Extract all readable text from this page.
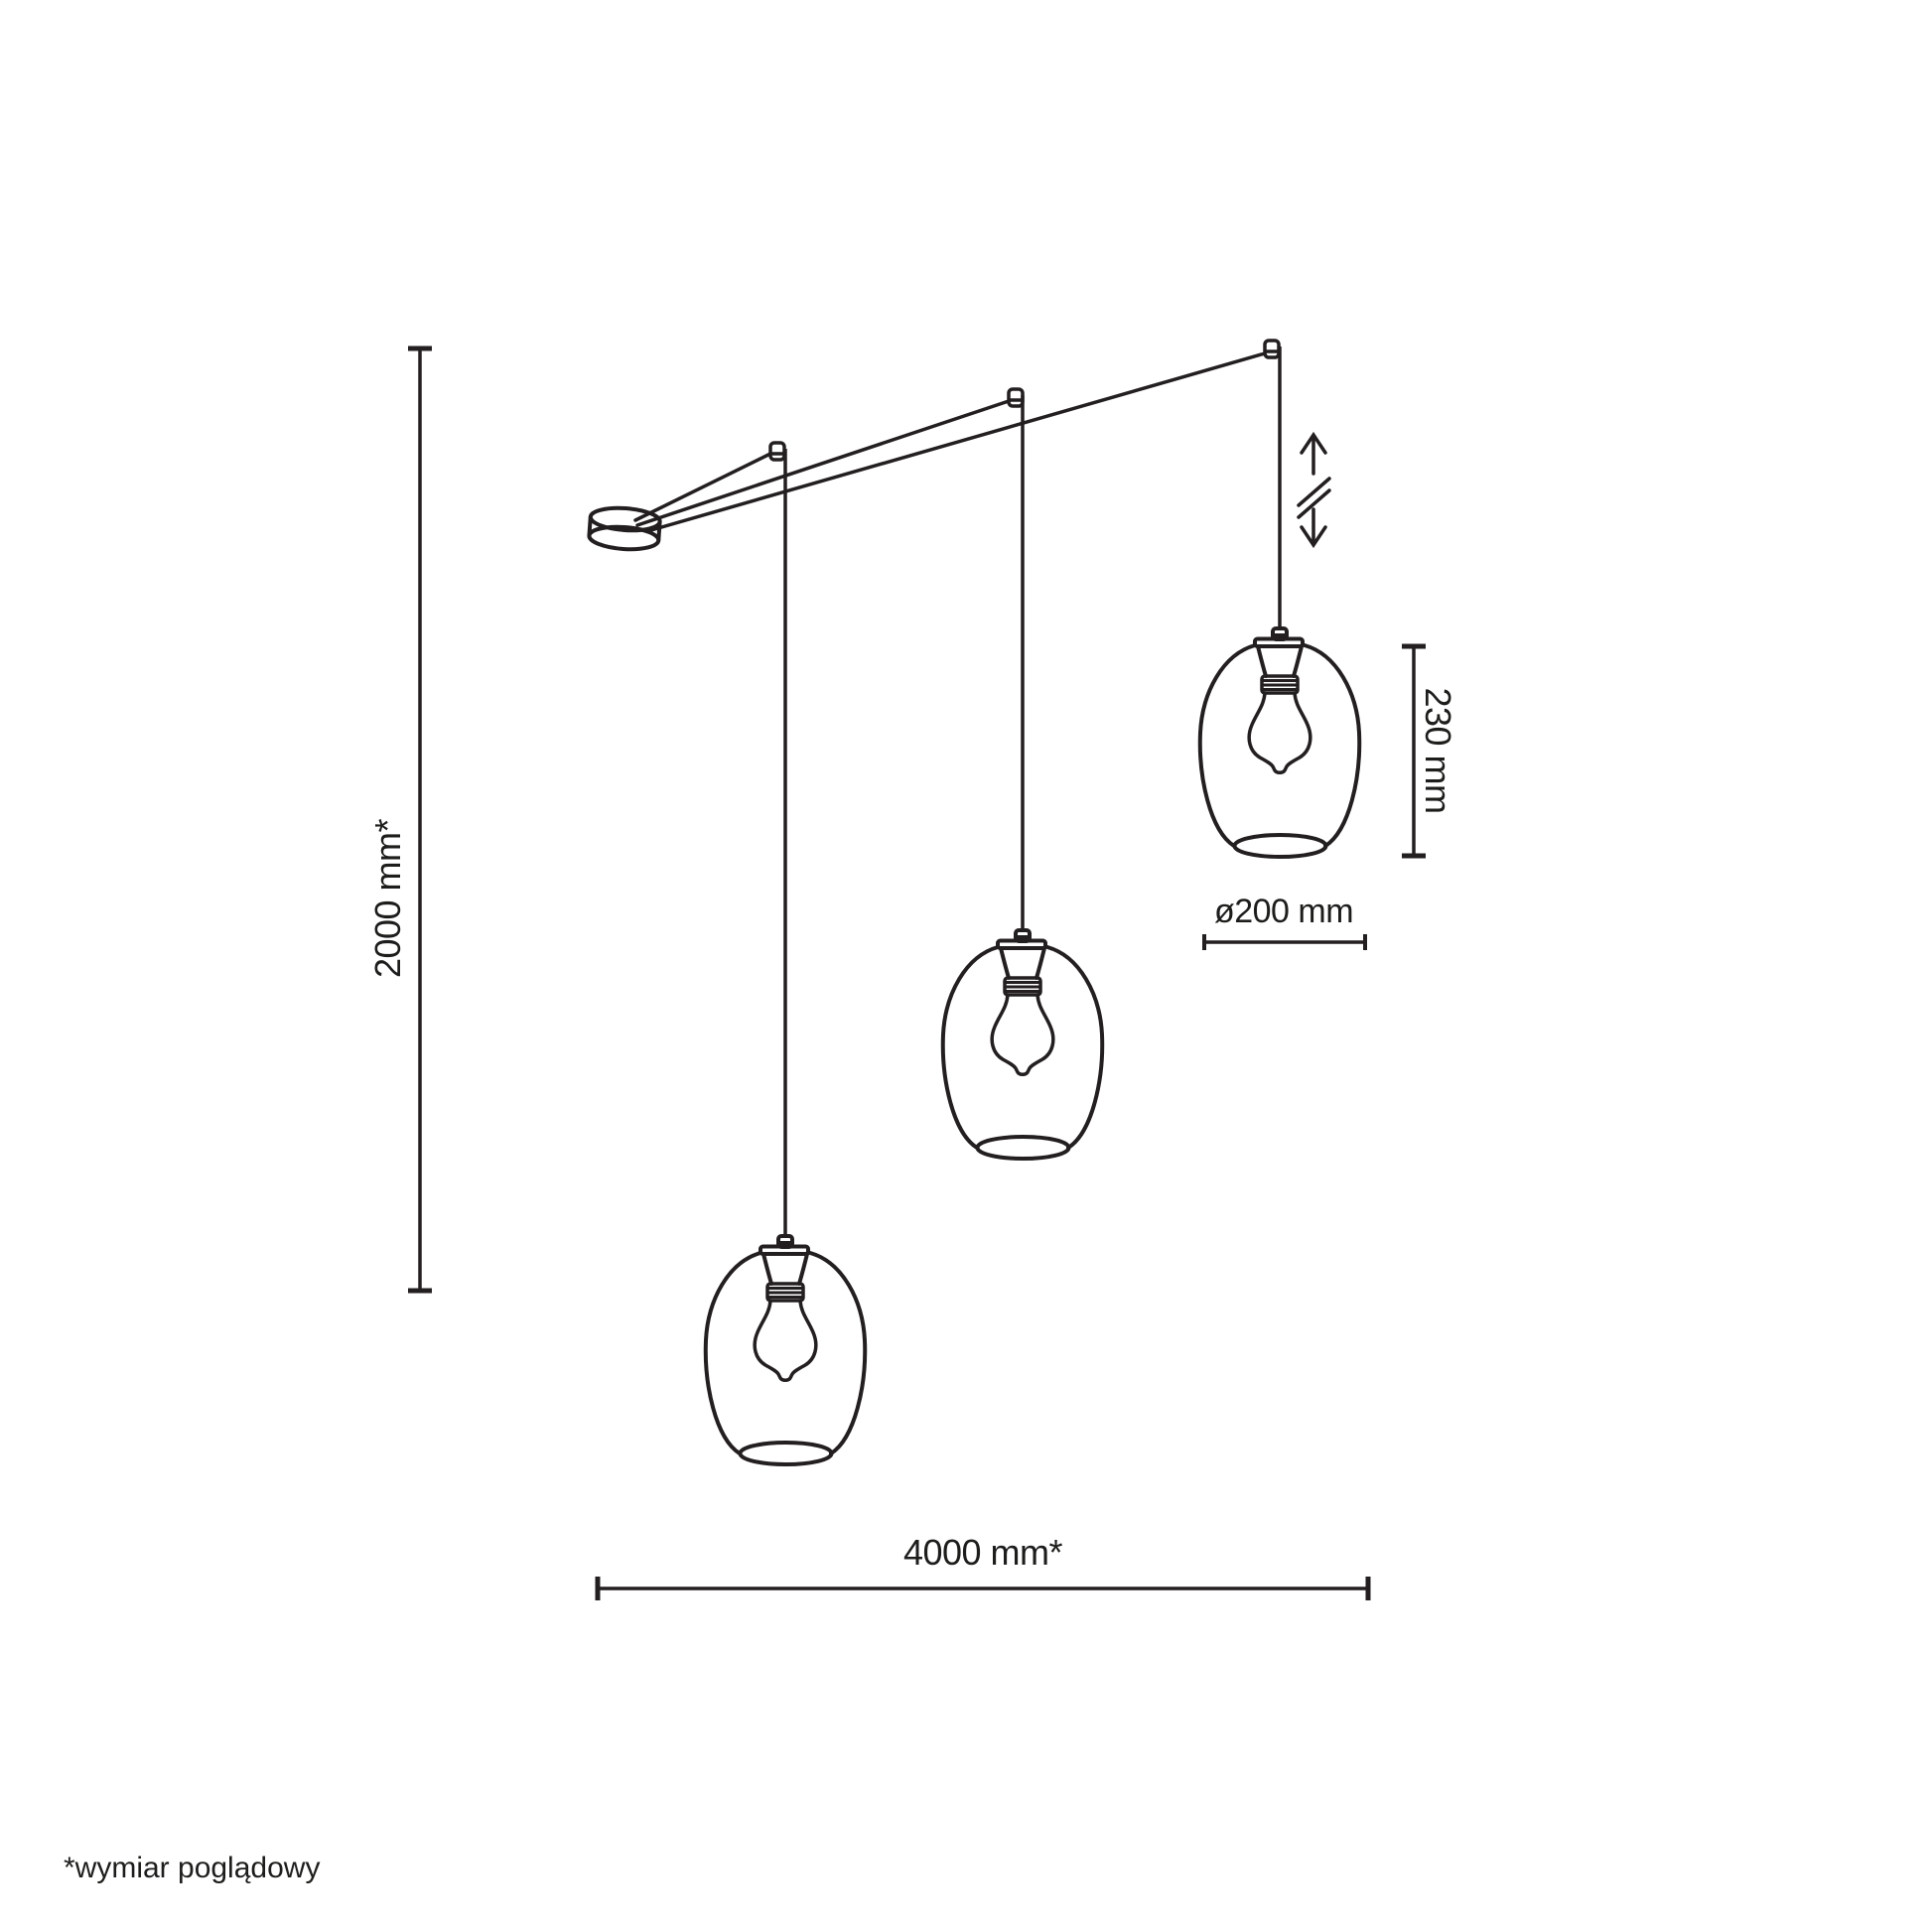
2000 mm*
4000 mm*
230 mm
ø200 mm
*wymiar poglądowy
